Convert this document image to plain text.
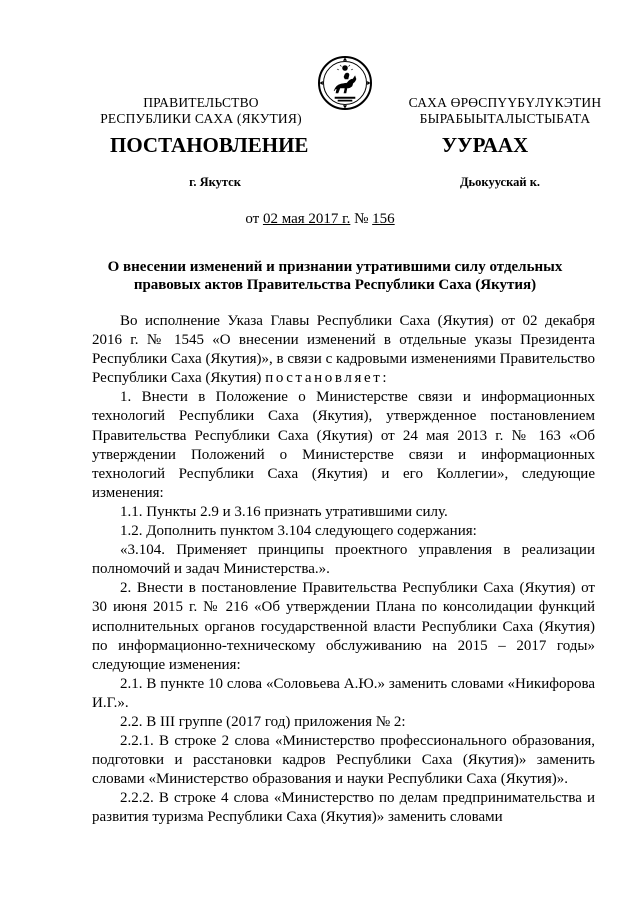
ПРАВИТЕЛЬСТВО
РЕСПУБЛИКИ САХА (ЯКУТИЯ)
САХА ӨРӨСПҮҮБҮЛҮКЭТИН
БЫРАБЫЫТАЛЫСТЫБАТА
ПОСТАНОВЛЕНИЕ	УУРААХ
г. Якутск	Дьокуускай к.
от 02 мая 2017 г. № 156
О внесении изменений и признании утратившими силу отдельных
правовых актов Правительства Республики Саха (Якутия)

Во исполнение Указа Главы Республики Саха (Якутия) от 02 декабря 2016 г. № 1545 «О внесении изменений в отдельные указы Президента Республики Саха (Якутия)», в связи с кадровыми изменениями Правительство Республики Саха (Якутия) постановляет:

1. Внести в Положение о Министерстве связи и информационных технологий Республики Саха (Якутия), утвержденное постановлением Правительства Республики Саха (Якутия) от 24 мая 2013 г. № 163 «Об утверждении Положений о Министерстве связи и информационных технологий Республики Саха (Якутия) и его Коллегии», следующие изменения:

1.1. Пункты 2.9 и 3.16 признать утратившими силу.

1.2. Дополнить пунктом 3.104 следующего содержания:

«3.104. Применяет принципы проектного управления в реализации полномочий и задач Министерства.».

2. Внести в постановление Правительства Республики Саха (Якутия) от 30 июня 2015 г. № 216 «Об утверждении Плана по консолидации функций исполнительных органов государственной власти Республики Саха (Якутия) по информационно-техническому обслуживанию на 2015 – 2017 годы» следующие изменения:

2.1. В пункте 10 слова «Соловьева А.Ю.» заменить словами «Никифорова И.Г.».

2.2. В III группе (2017 год) приложения № 2:

2.2.1. В строке 2 слова «Министерство профессионального образования, подготовки и расстановки кадров Республики Саха (Якутия)» заменить словами «Министерство образования и науки Республики Саха (Якутия)».

2.2.2. В строке 4 слова «Министерство по делам предпринимательства и развития туризма Республики Саха (Якутия)» заменить словами
